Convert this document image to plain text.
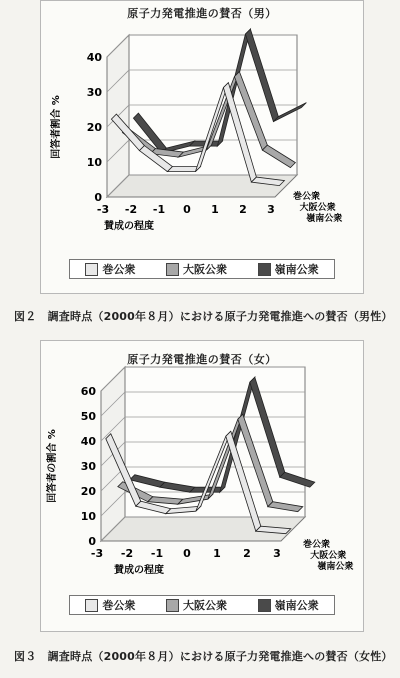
原子力発電推進の賛否（男）
0
10
20
30
40
回答者割合 %
嶺南公衆
大阪公衆
巻公衆
-3 -2 -1 0 1 2 3
賛成の程度
巻公衆	大阪公衆	嶺南公衆
図２　調査時点（2000年８月）における原子力発電推進への賛否（男性）
原子力発電推進の賛否（女）
0
10
20
30
40
50
60
回答者の割合 %
嶺南公衆
大阪公衆
巻公衆
-3 -2 -1 0 1 2 3
賛成の程度
巻公衆	大阪公衆	嶺南公衆
図３　調査時点（2000年８月）における原子力発電推進への賛否（女性）
